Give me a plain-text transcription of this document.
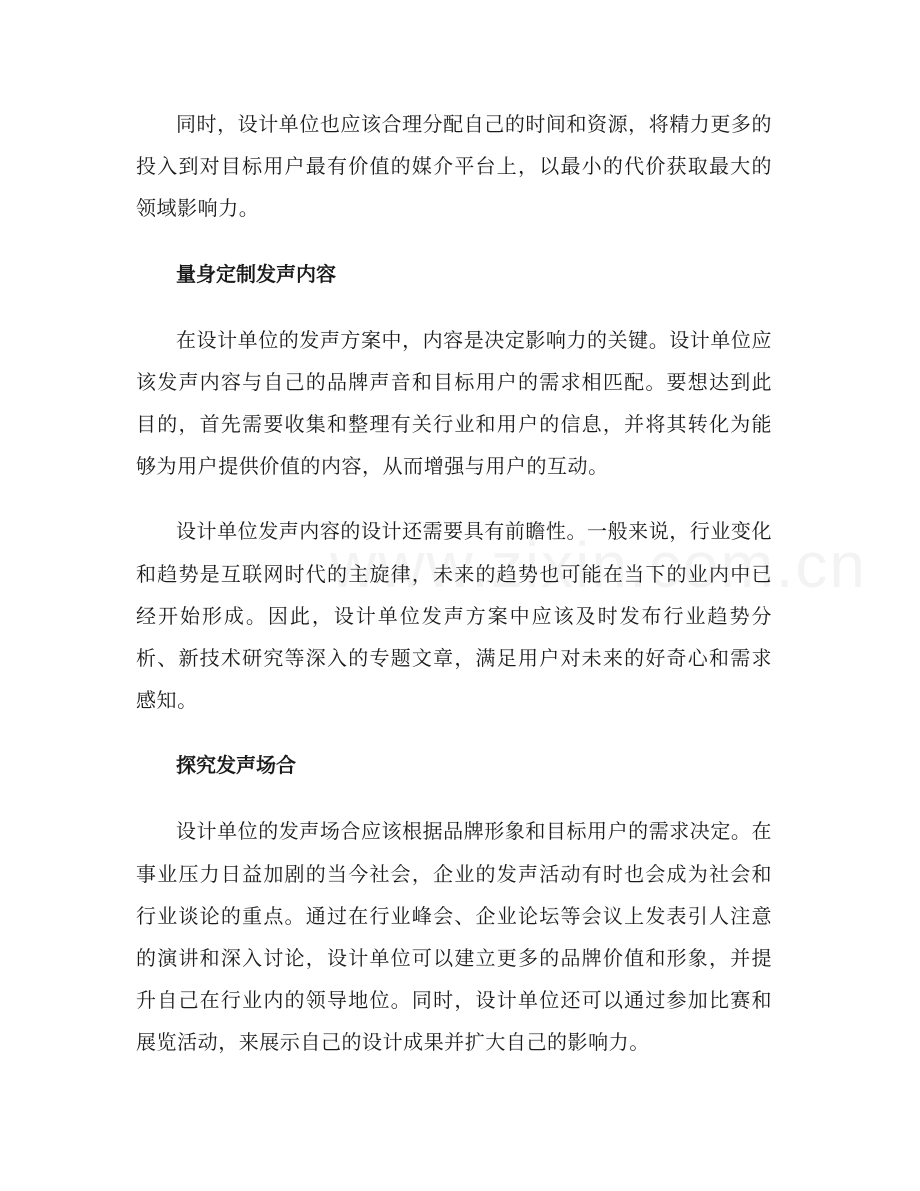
同时，设计单位也应该合理分配自己的时间和资源，将精力更多的投入到对目标用户最有价值的媒介平台上，以最小的代价获取最大的领域影响力。

量身定制发声内容

在设计单位的发声方案中，内容是决定影响力的关键。设计单位应该发声内容与自己的品牌声音和目标用户的需求相匹配。要想达到此目的，首先需要收集和整理有关行业和用户的信息，并将其转化为能够为用户提供价值的内容，从而增强与用户的互动。

设计单位发声内容的设计还需要具有前瞻性。一般来说，行业变化和趋势是互联网时代的主旋律，未来的趋势也可能在当下的业内中已经开始形成。因此，设计单位发声方案中应该及时发布行业趋势分析、新技术研究等深入的专题文章，满足用户对未来的好奇心和需求感知。

探究发声场合

设计单位的发声场合应该根据品牌形象和目标用户的需求决定。在事业压力日益加剧的当今社会，企业的发声活动有时也会成为社会和行业谈论的重点。通过在行业峰会、企业论坛等会议上发表引人注意的演讲和深入讨论，设计单位可以建立更多的品牌价值和形象，并提升自己在行业内的领导地位。同时，设计单位还可以通过参加比赛和展览活动，来展示自己的设计成果并扩大自己的影响力。
